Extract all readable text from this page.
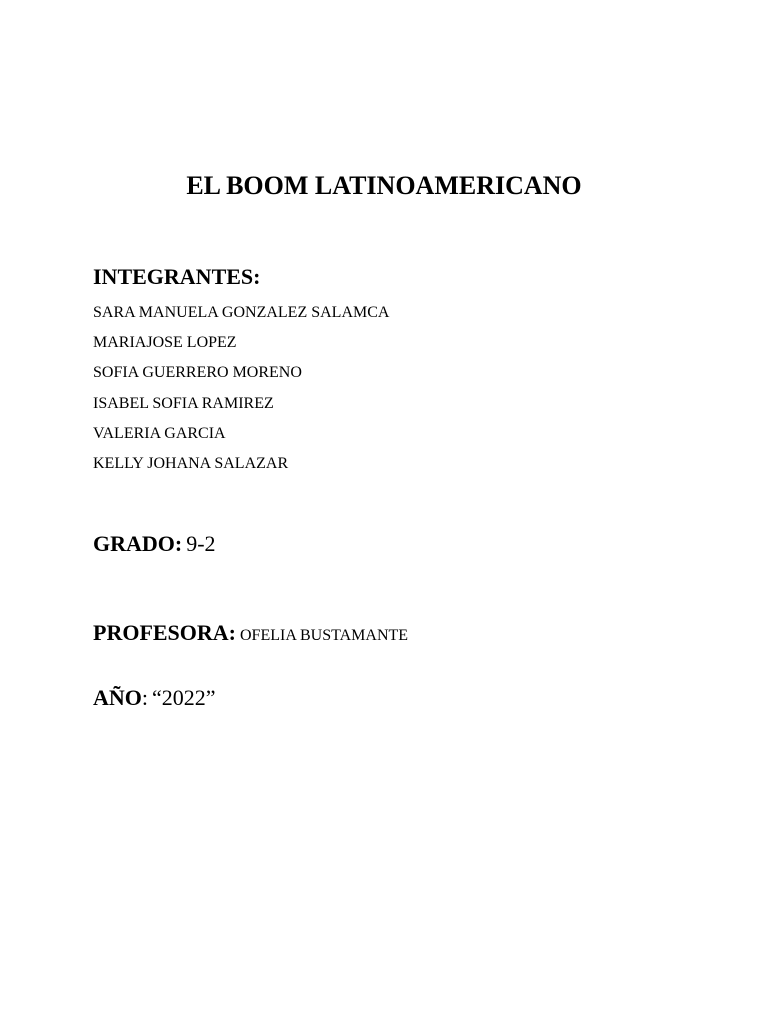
EL BOOM LATINOAMERICANO
INTEGRANTES:
SARA MANUELA GONZALEZ SALAMCA
MARIAJOSE LOPEZ
SOFIA GUERRERO MORENO
ISABEL SOFIA RAMIREZ
VALERIA GARCIA
KELLY JOHANA SALAZAR
GRADO: 9-2
PROFESORA: OFELIA BUSTAMANTE
AÑO: “2022”
